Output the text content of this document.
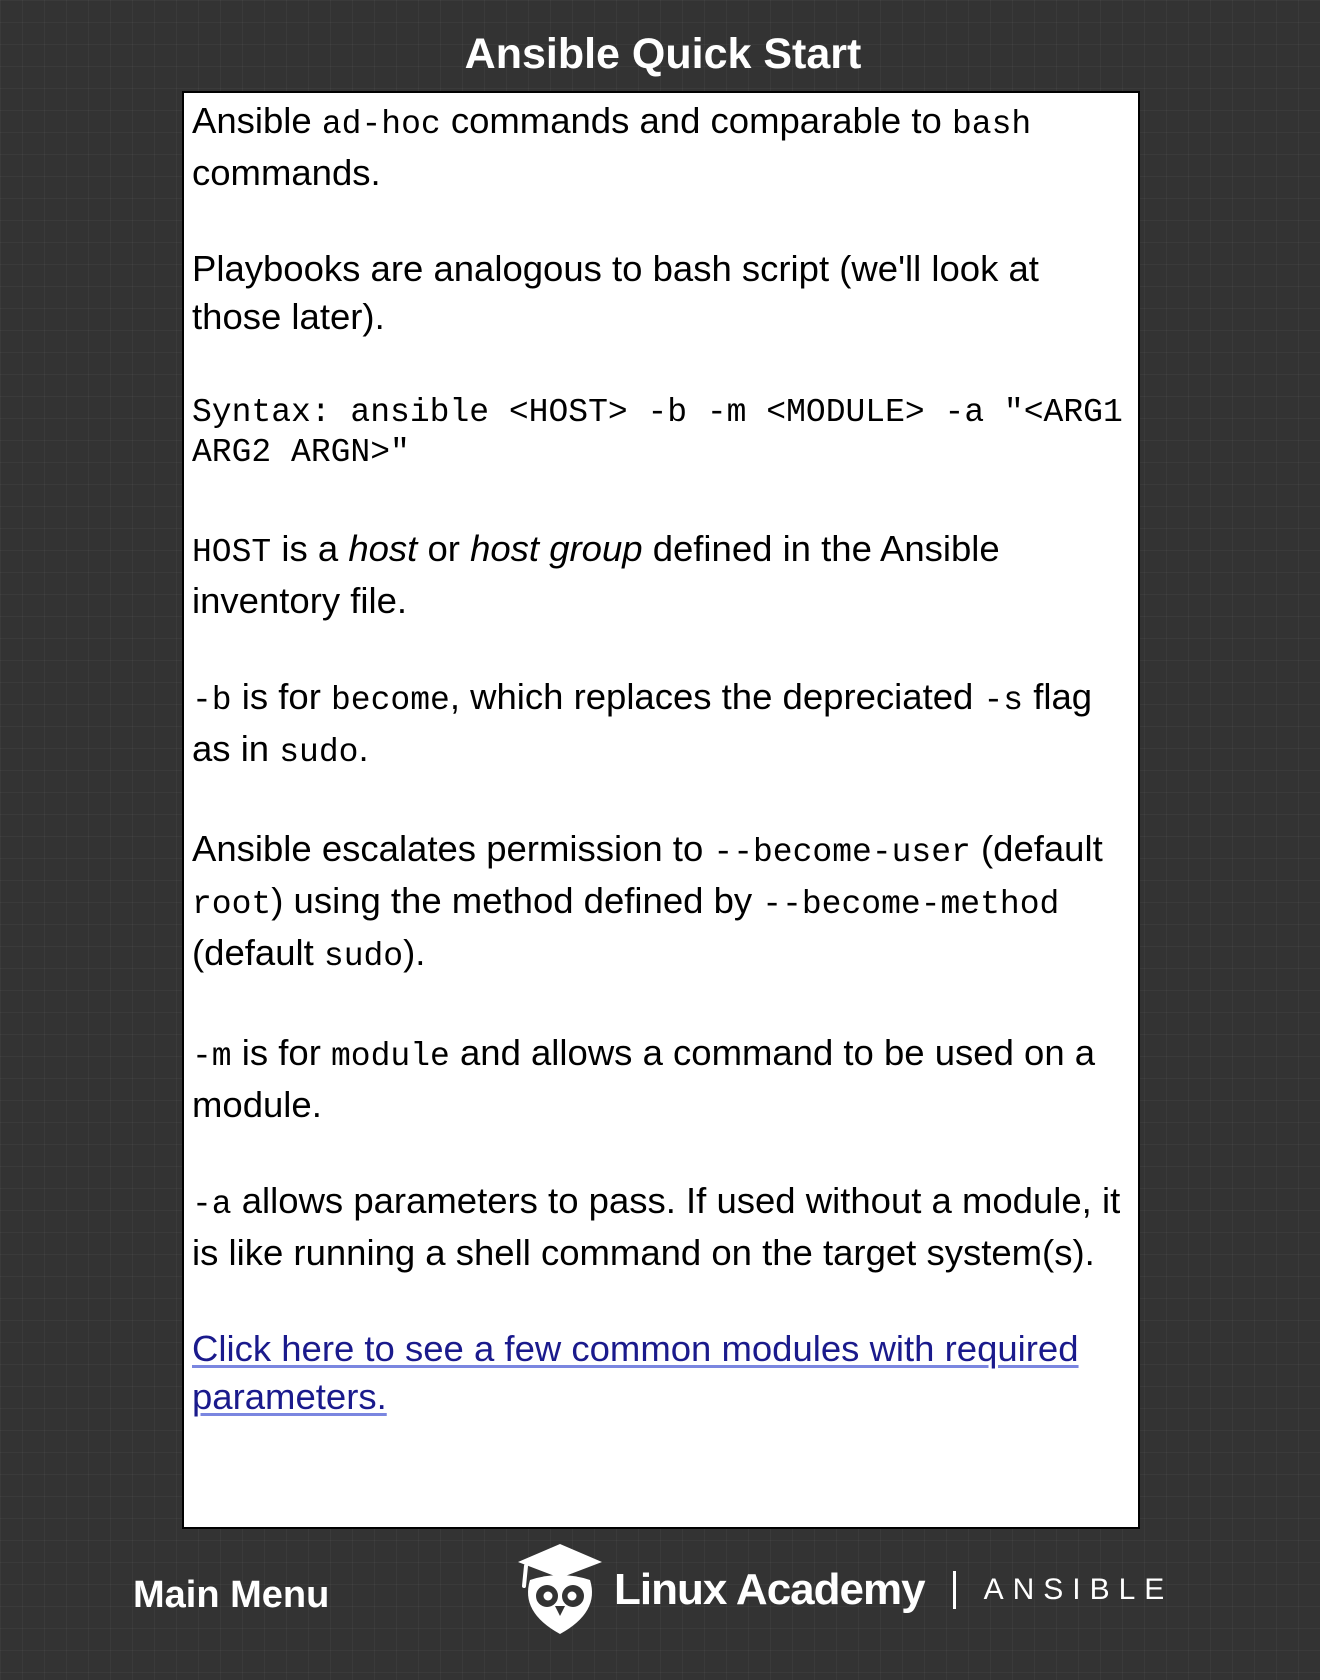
Ansible Quick Start

Ansible ad-hoc commands and comparable to bash commands.

Playbooks are analogous to bash script (we'll look at those later).

Syntax: ansible <HOST> -b -m <MODULE> -a "<ARG1 ARG2 ARGN>"

HOST is a host or host group defined in the Ansible inventory file.

-b is for become, which replaces the depreciated -s flag as in sudo.

Ansible escalates permission to --become-user (default root) using the method defined by --become-method (default sudo).

-m is for module and allows a command to be used on a module.

-a allows parameters to pass. If used without a module, it is like running a shell command on the target system(s).

Click here to see a few common modules with required parameters.

Main Menu	Linux Academy ANSIBLE
